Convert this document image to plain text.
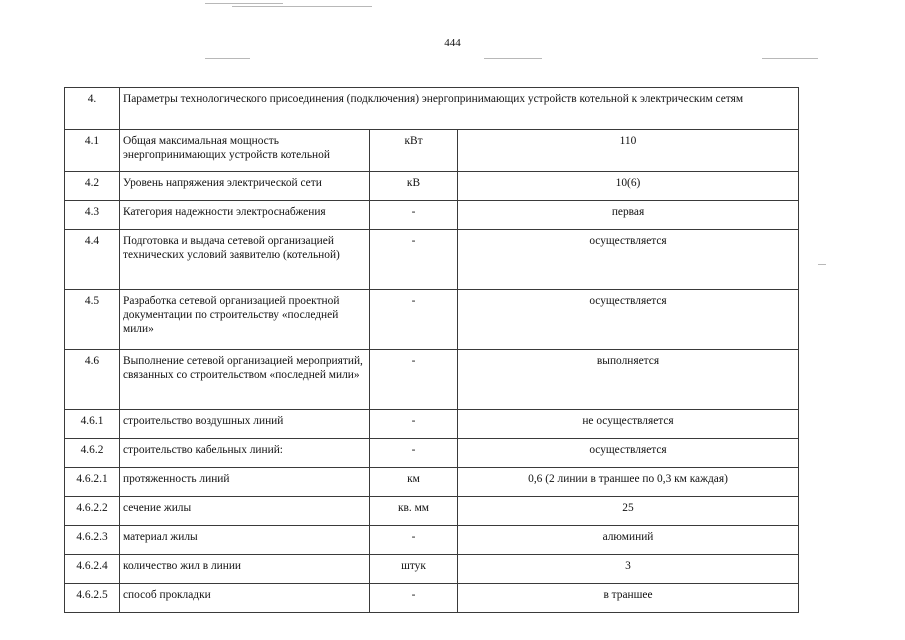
444
4.	Параметры технологического присоединения (подключения) энергопринимающих устройств котельной к электрическим сетям		
4.1	Общая максимальная мощность энергопринимающих устройств котельной	кВт	110
4.2	Уровень напряжения электрической сети	кВ	10(6)
4.3	Категория надежности электроснабжения	-	первая
4.4	Подготовка и выдача сетевой организацией технических условий заявителю (котельной)	-	осуществляется
4.5	Разработка сетевой организацией проектной документации по строительству «последней мили»	-	осуществляется
4.6	Выполнение сетевой организацией мероприятий, связанных со строительством «последней мили»	-	выполняется
4.6.1	строительство воздушных линий	-	не осуществляется
4.6.2	строительство кабельных линий:	-	осуществляется
4.6.2.1	протяженность линий	км	0,6 (2 линии в траншее по 0,3 км каждая)
4.6.2.2	сечение жилы	кв. мм	25
4.6.2.3	материал жилы	-	алюминий
4.6.2.4	количество жил в линии	штук	3
4.6.2.5	способ прокладки	-	в траншее
